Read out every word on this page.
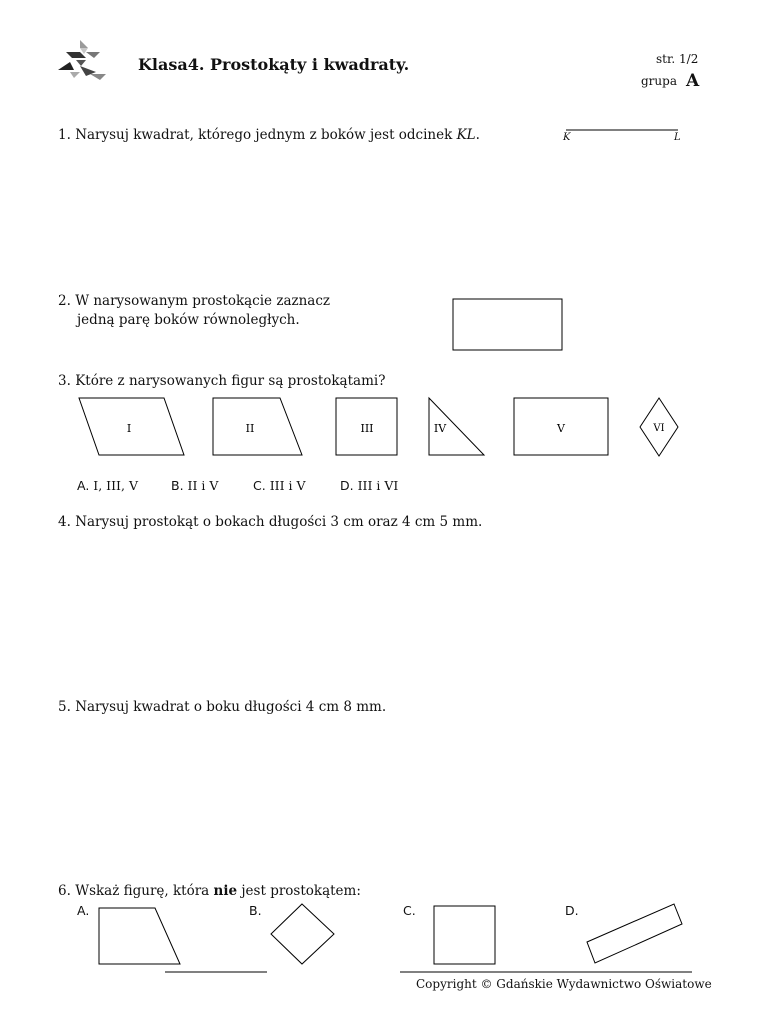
Klasa4. Prostokąty i kwadraty.	str. 1/2
grupa A
1. Narysuj kwadrat, którego jednym z boków jest odcinek KL.	K	L
2. W narysowanym prostokącie zaznacz
jedną parę boków równoległych.
3. Które z narysowanych figur są prostokątami?
I	II	III	IV	V	VI
A. I, III, V	B. II i V	C. III i V	D. III i VI
4. Narysuj prostokąt o bokach długości 3 cm oraz 4 cm 5 mm.
5. Narysuj kwadrat o boku długości 4 cm 8 mm.
6. Wskaż figurę, która nie jest prostokątem:
A.	B.	C.	D.
Copyright © Gdańskie Wydawnictwo Oświatowe
